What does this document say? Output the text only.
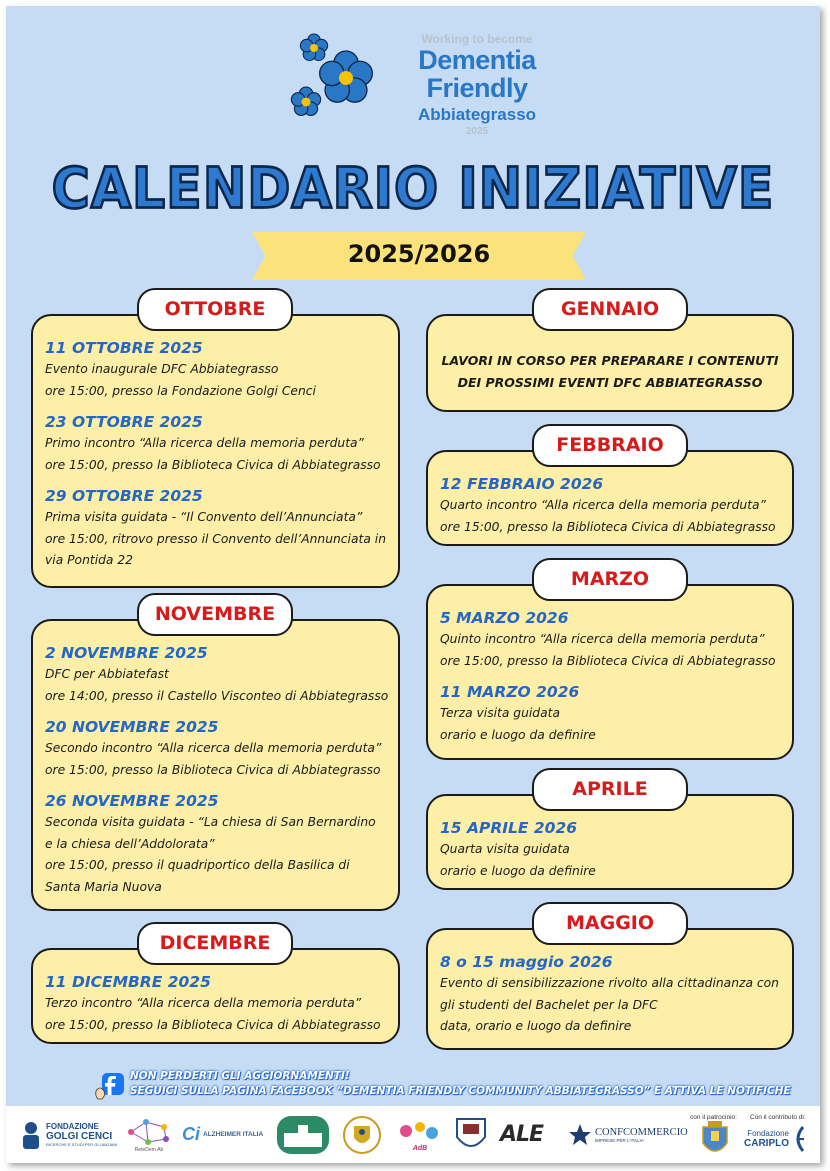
Working to become
Dementia
Friendly
Abbiategrasso
2025
CALENDARIO INIZIATIVE
2025/2026
11 OTTOBRE 2025
Evento inaugurale DFC Abbiategrasso
ore 15:00, presso la Fondazione Golgi Cenci
23 OTTOBRE 2025
Primo incontro “Alla ricerca della memoria perduta”
ore 15:00, presso la Biblioteca Civica di Abbiategrasso
29 OTTOBRE 2025
Prima visita guidata - “Il Convento dell’Annunciata”
ore 15:00, ritrovo presso il Convento dell’Annunciata in
via Pontida 22
OTTOBRE
2 NOVEMBRE 2025
DFC per Abbiatefast
ore 14:00, presso il Castello Visconteo di Abbiategrasso
20 NOVEMBRE 2025
Secondo incontro “Alla ricerca della memoria perduta”
ore 15:00, presso la Biblioteca Civica di Abbiategrasso
26 NOVEMBRE 2025
Seconda visita guidata - “La chiesa di San Bernardino
e la chiesa dell’Addolorata”
ore 15:00, presso il quadriportico della Basilica di
Santa Maria Nuova
NOVEMBRE
11 DICEMBRE 2025
Terzo incontro “Alla ricerca della memoria perduta”
ore 15:00, presso la Biblioteca Civica di Abbiategrasso
DICEMBRE
LAVORI IN CORSO PER PREPARARE I CONTENUTI
DEI PROSSIMI EVENTI DFC ABBIATEGRASSO
GENNAIO
12 FEBBRAIO 2026
Quarto incontro “Alla ricerca della memoria perduta”
ore 15:00, presso la Biblioteca Civica di Abbiategrasso
FEBBRAIO
5 MARZO 2026
Quinto incontro “Alla ricerca della memoria perduta”
ore 15:00, presso la Biblioteca Civica di Abbiategrasso
11 MARZO 2026
Terza visita guidata
orario e luogo da definire
MARZO
15 APRILE 2026
Quarta visita guidata
orario e luogo da definire
APRILE
8 o 15 maggio 2026
Evento di sensibilizzazione rivolto alla cittadinanza con
gli studenti del Bachelet per la DFC
data, orario e luogo da definire
MAGGIO
NON PERDERTI GLI AGGIORNAMENTI!
SEGUICI SULLA PAGINA FACEBOOK “DEMENTIA FRIENDLY COMMUNITY ABBIATEGRASSO” E ATTIVA LE NOTIFICHE
con il patrocinio: Con il contributo di:
FONDAZIONE
GOLGI CENCI
RICERCHE E STUDI PER GLI ANZIANI
ReteDem.Ab
Ci ALZHEIMER ITALIA
AdB
ALE	CONFCOMMERCIO
IMPRESE PER L'ITALIA
Fondazione
CARIPLO
